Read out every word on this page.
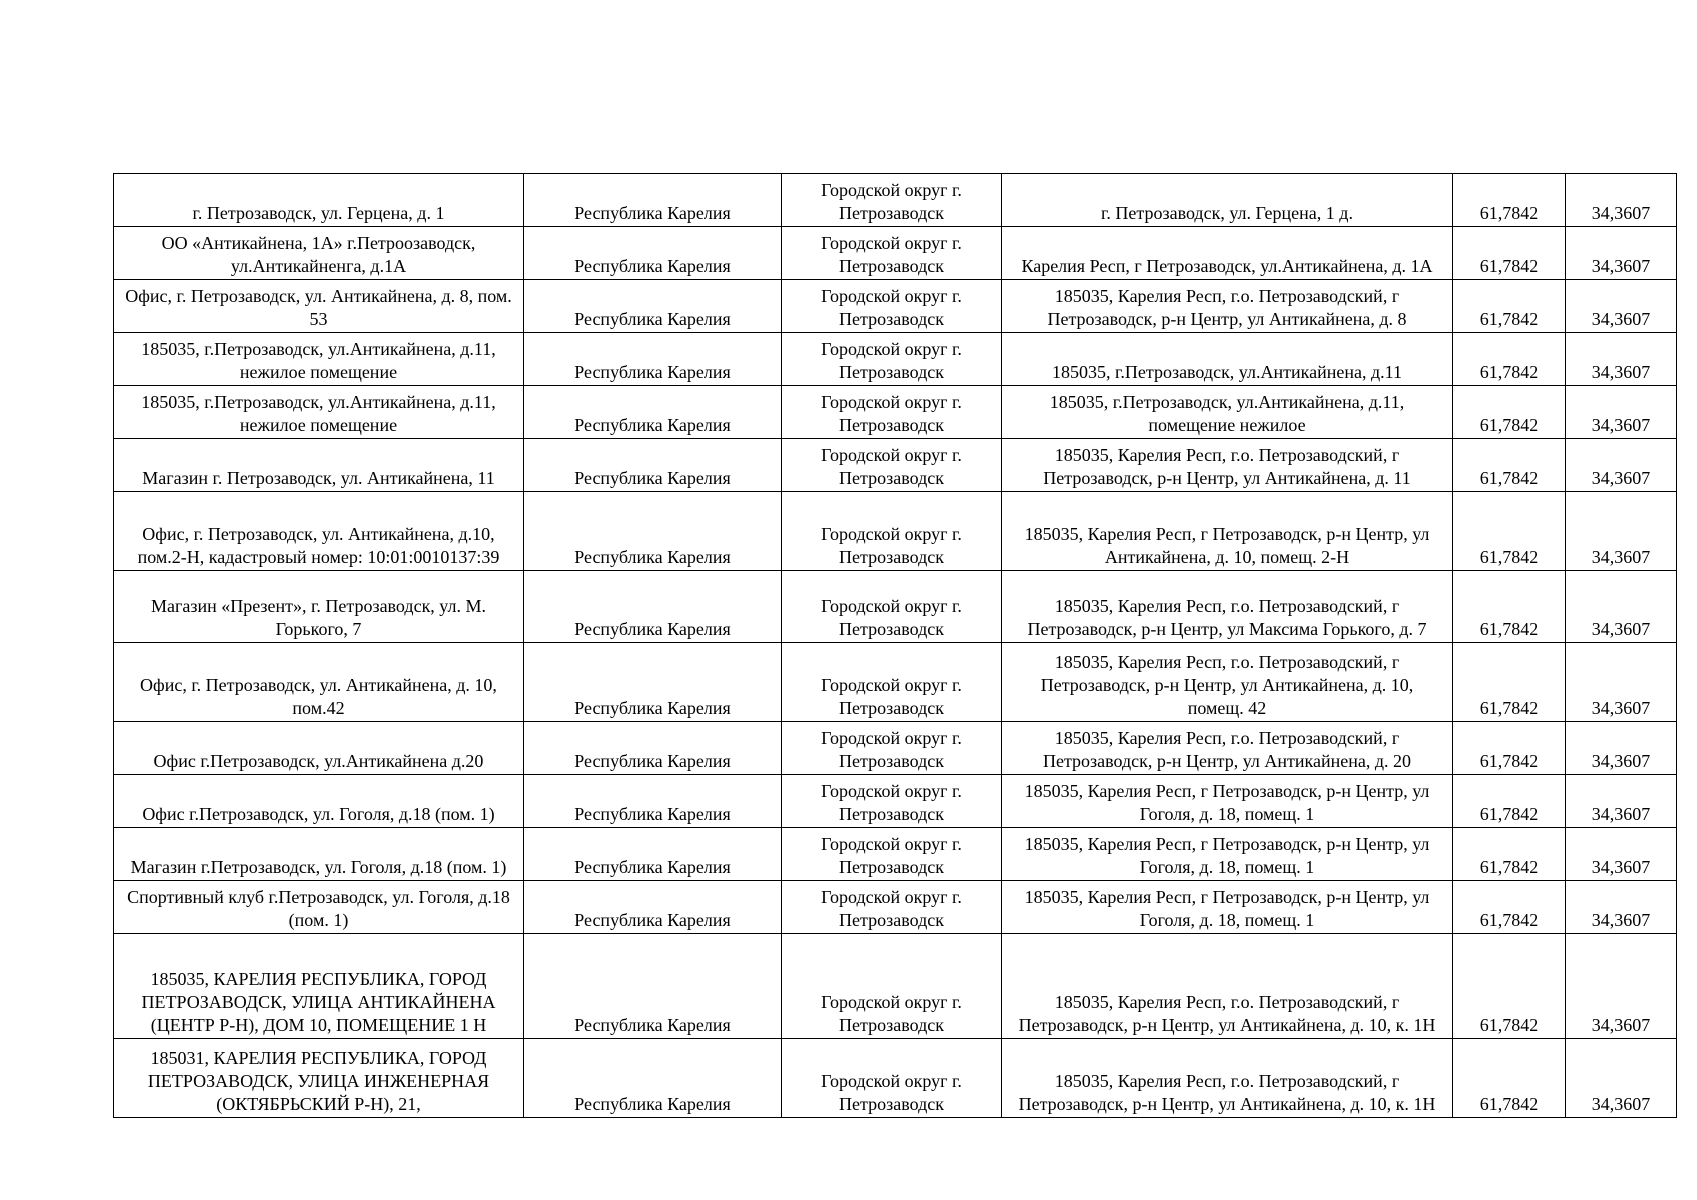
г. Петрозаводск, ул. Герцена, д. 1	Республика Карелия	Городской округ г. Петрозаводск	г. Петрозаводск, ул. Герцена, 1 д.	61,7842	34,3607
ОО «Антикайнена, 1А» г.Петроозаводск, ул.Антикайненга, д.1А	Республика Карелия	Городской округ г. Петрозаводск	Карелия Респ, г Петрозаводск, ул.Антикайнена, д. 1А	61,7842	34,3607
Офис, г. Петрозаводск, ул. Антикайнена, д. 8, пом. 53	Республика Карелия	Городской округ г. Петрозаводск	185035, Карелия Респ, г.о. Петрозаводский, г Петрозаводск, р-н Центр, ул Антикайнена, д. 8	61,7842	34,3607
185035, г.Петрозаводск, ул.Антикайнена, д.11, нежилое помещение	Республика Карелия	Городской округ г. Петрозаводск	185035, г.Петрозаводск, ул.Антикайнена, д.11	61,7842	34,3607
185035, г.Петрозаводск, ул.Антикайнена, д.11, нежилое помещение	Республика Карелия	Городской округ г. Петрозаводск	185035, г.Петрозаводск, ул.Антикайнена, д.11, помещение нежилое	61,7842	34,3607
Магазин г. Петрозаводск, ул. Антикайнена, 11	Республика Карелия	Городской округ г. Петрозаводск	185035, Карелия Респ, г.о. Петрозаводский, г Петрозаводск, р-н Центр, ул Антикайнена, д. 11	61,7842	34,3607
Офис, г. Петрозаводск, ул. Антикайнена, д.10, пом.2-Н, кадастровый номер: 10:01:0010137:39	Республика Карелия	Городской округ г. Петрозаводск	185035, Карелия Респ, г Петрозаводск, р-н Центр, ул Антикайнена, д. 10, помещ. 2-Н	61,7842	34,3607
Магазин «Презент», г. Петрозаводск, ул. М. Горького, 7	Республика Карелия	Городской округ г. Петрозаводск	185035, Карелия Респ, г.о. Петрозаводский, г Петрозаводск, р-н Центр, ул Максима Горького, д. 7	61,7842	34,3607
Офис, г. Петрозаводск, ул. Антикайнена, д. 10, пом.42	Республика Карелия	Городской округ г. Петрозаводск	185035, Карелия Респ, г.о. Петрозаводский, г Петрозаводск, р-н Центр, ул Антикайнена, д. 10, помещ. 42	61,7842	34,3607
Офис г.Петрозаводск, ул.Антикайнена д.20	Республика Карелия	Городской округ г. Петрозаводск	185035, Карелия Респ, г.о. Петрозаводский, г Петрозаводск, р-н Центр, ул Антикайнена, д. 20	61,7842	34,3607
Офис г.Петрозаводск, ул. Гоголя, д.18 (пом. 1)	Республика Карелия	Городской округ г. Петрозаводск	185035, Карелия Респ, г Петрозаводск, р-н Центр, ул Гоголя, д. 18, помещ. 1	61,7842	34,3607
Магазин г.Петрозаводск, ул. Гоголя, д.18 (пом. 1)	Республика Карелия	Городской округ г. Петрозаводск	185035, Карелия Респ, г Петрозаводск, р-н Центр, ул Гоголя, д. 18, помещ. 1	61,7842	34,3607
Спортивный клуб г.Петрозаводск, ул. Гоголя, д.18 (пом. 1)	Республика Карелия	Городской округ г. Петрозаводск	185035, Карелия Респ, г Петрозаводск, р-н Центр, ул Гоголя, д. 18, помещ. 1	61,7842	34,3607
185035, КАРЕЛИЯ РЕСПУБЛИКА, ГОРОД ПЕТРОЗАВОДСК, УЛИЦА АНТИКАЙНЕНА (ЦЕНТР Р-Н), ДОМ 10, ПОМЕЩЕНИЕ 1 Н	Республика Карелия	Городской округ г. Петрозаводск	185035, Карелия Респ, г.о. Петрозаводский, г Петрозаводск, р-н Центр, ул Антикайнена, д. 10, к. 1Н	61,7842	34,3607
185031, КАРЕЛИЯ РЕСПУБЛИКА, ГОРОД ПЕТРОЗАВОДСК, УЛИЦА ИНЖЕНЕРНАЯ (ОКТЯБРЬСКИЙ Р-Н), 21,	Республика Карелия	Городской округ г. Петрозаводск	185035, Карелия Респ, г.о. Петрозаводский, г Петрозаводск, р-н Центр, ул Антикайнена, д. 10, к. 1Н	61,7842	34,3607
